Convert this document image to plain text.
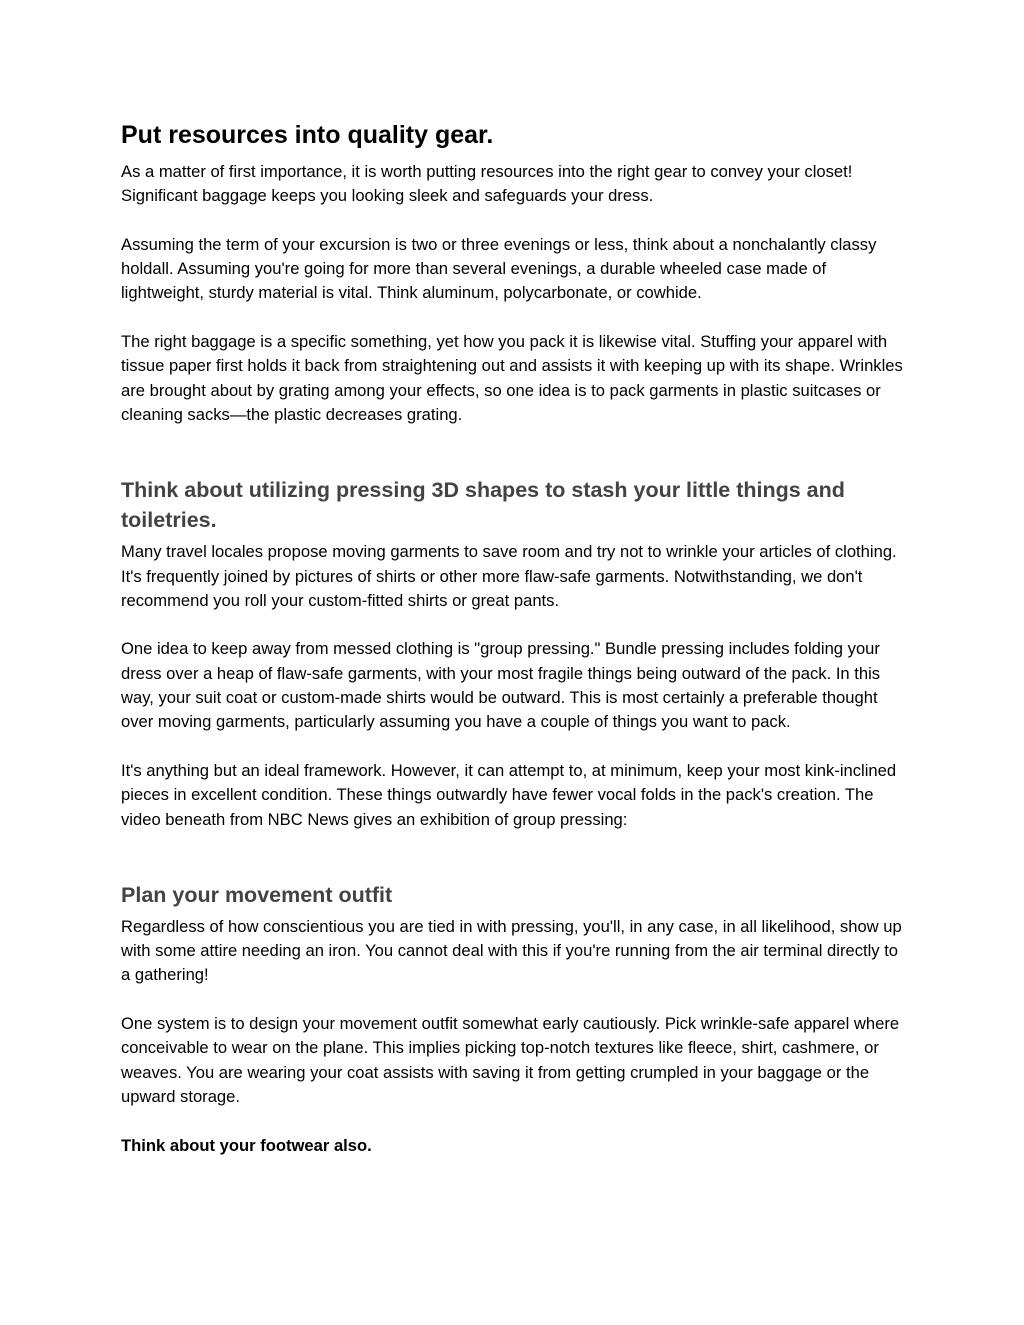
Put resources into quality gear.

As a matter of first importance, it is worth putting resources into the right gear to convey your closet! Significant baggage keeps you looking sleek and safeguards your dress.

Assuming the term of your excursion is two or three evenings or less, think about a nonchalantly classy holdall. Assuming you're going for more than several evenings, a durable wheeled case made of lightweight, sturdy material is vital. Think aluminum, polycarbonate, or cowhide.

The right baggage is a specific something, yet how you pack it is likewise vital. Stuffing your apparel with tissue paper first holds it back from straightening out and assists it with keeping up with its shape. Wrinkles are brought about by grating among your effects, so one idea is to pack garments in plastic suitcases or cleaning sacks—the plastic decreases grating.

Think about utilizing pressing 3D shapes to stash your little things and toiletries.

Many travel locales propose moving garments to save room and try not to wrinkle your articles of clothing. It's frequently joined by pictures of shirts or other more flaw-safe garments. Notwithstanding, we don't recommend you roll your custom-fitted shirts or great pants.

One idea to keep away from messed clothing is "group pressing." Bundle pressing includes folding your dress over a heap of flaw-safe garments, with your most fragile things being outward of the pack. In this way, your suit coat or custom-made shirts would be outward. This is most certainly a preferable thought over moving garments, particularly assuming you have a couple of things you want to pack.

It's anything but an ideal framework. However, it can attempt to, at minimum, keep your most kink-inclined pieces in excellent condition. These things outwardly have fewer vocal folds in the pack's creation. The video beneath from NBC News gives an exhibition of group pressing:

Plan your movement outfit

Regardless of how conscientious you are tied in with pressing, you'll, in any case, in all likelihood, show up with some attire needing an iron. You cannot deal with this if you're running from the air terminal directly to a gathering!

One system is to design your movement outfit somewhat early cautiously. Pick wrinkle-safe apparel where conceivable to wear on the plane. This implies picking top-notch textures like fleece, shirt, cashmere, or weaves. You are wearing your coat assists with saving it from getting crumpled in your baggage or the upward storage.

Think about your footwear also.
